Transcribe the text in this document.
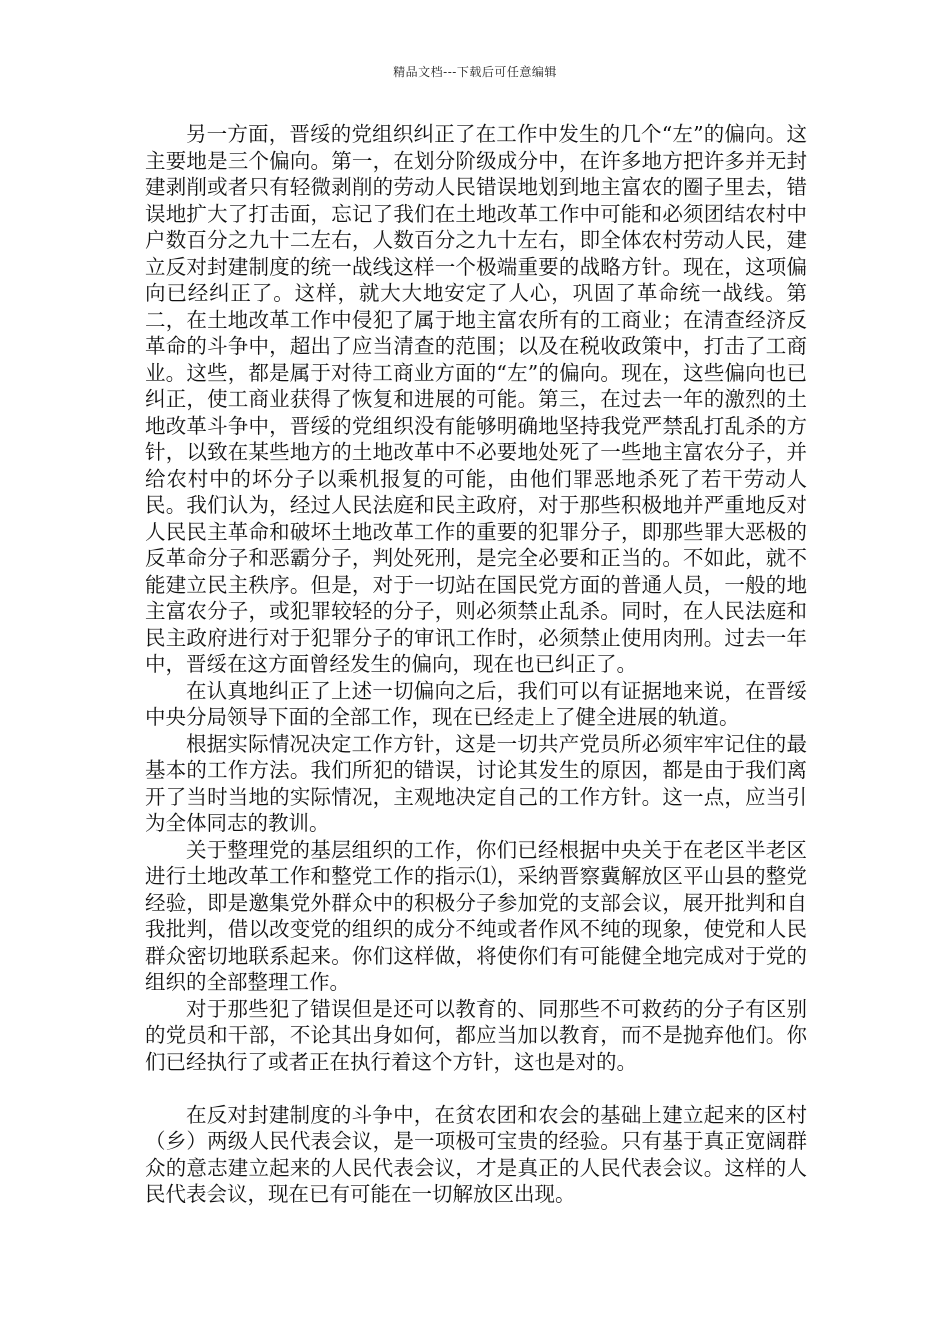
精品文档---下载后可任意编辑

另一方面，晋绥的党组织纠正了在工作中发生的几个“左”的偏向。这主要地是三个偏向。第一，在划分阶级成分中，在许多地方把许多并无封建剥削或者只有轻微剥削的劳动人民错误地划到地主富农的圈子里去，错误地扩大了打击面，忘记了我们在土地改革工作中可能和必须团结农村中户数百分之九十二左右，人数百分之九十左右，即全体农村劳动人民，建立反对封建制度的统一战线这样一个极端重要的战略方针。现在，这项偏向已经纠正了。这样，就大大地安定了人心，巩固了革命统一战线。第二，在土地改革工作中侵犯了属于地主富农所有的工商业；在清查经济反革命的斗争中，超出了应当清查的范围；以及在税收政策中，打击了工商业。这些，都是属于对待工商业方面的“左”的偏向。现在，这些偏向也已纠正，使工商业获得了恢复和进展的可能。第三，在过去一年的激烈的土地改革斗争中，晋绥的党组织没有能够明确地坚持我党严禁乱打乱杀的方针，以致在某些地方的土地改革中不必要地处死了一些地主富农分子，并给农村中的坏分子以乘机报复的可能，由他们罪恶地杀死了若干劳动人民。我们认为，经过人民法庭和民主政府，对于那些积极地并严重地反对人民民主革命和破坏土地改革工作的重要的犯罪分子，即那些罪大恶极的反革命分子和恶霸分子，判处死刑，是完全必要和正当的。不如此，就不能建立民主秩序。但是，对于一切站在国民党方面的普通人员，一般的地主富农分子，或犯罪较轻的分子，则必须禁止乱杀。同时，在人民法庭和民主政府进行对于犯罪分子的审讯工作时，必须禁止使用肉刑。过去一年中，晋绥在这方面曾经发生的偏向，现在也已纠正了。

在认真地纠正了上述一切偏向之后，我们可以有证据地来说，在晋绥中央分局领导下面的全部工作，现在已经走上了健全进展的轨道。

根据实际情况决定工作方针，这是一切共产党员所必须牢牢记住的最基本的工作方法。我们所犯的错误，讨论其发生的原因，都是由于我们离开了当时当地的实际情况，主观地决定自己的工作方针。这一点，应当引为全体同志的教训。

关于整理党的基层组织的工作，你们已经根据中央关于在老区半老区进行土地改革工作和整党工作的指示⑴，采纳晋察冀解放区平山县的整党经验，即是邀集党外群众中的积极分子参加党的支部会议，展开批判和自我批判，借以改变党的组织的成分不纯或者作风不纯的现象，使党和人民群众密切地联系起来。你们这样做，将使你们有可能健全地完成对于党的组织的全部整理工作。

对于那些犯了错误但是还可以教育的、同那些不可救药的分子有区别的党员和干部，不论其出身如何，都应当加以教育，而不是抛弃他们。你们已经执行了或者正在执行着这个方针，这也是对的。

在反对封建制度的斗争中，在贫农团和农会的基础上建立起来的区村（乡）两级人民代表会议，是一项极可宝贵的经验。只有基于真正宽阔群众的意志建立起来的人民代表会议，才是真正的人民代表会议。这样的人民代表会议，现在已有可能在一切解放区出现。
